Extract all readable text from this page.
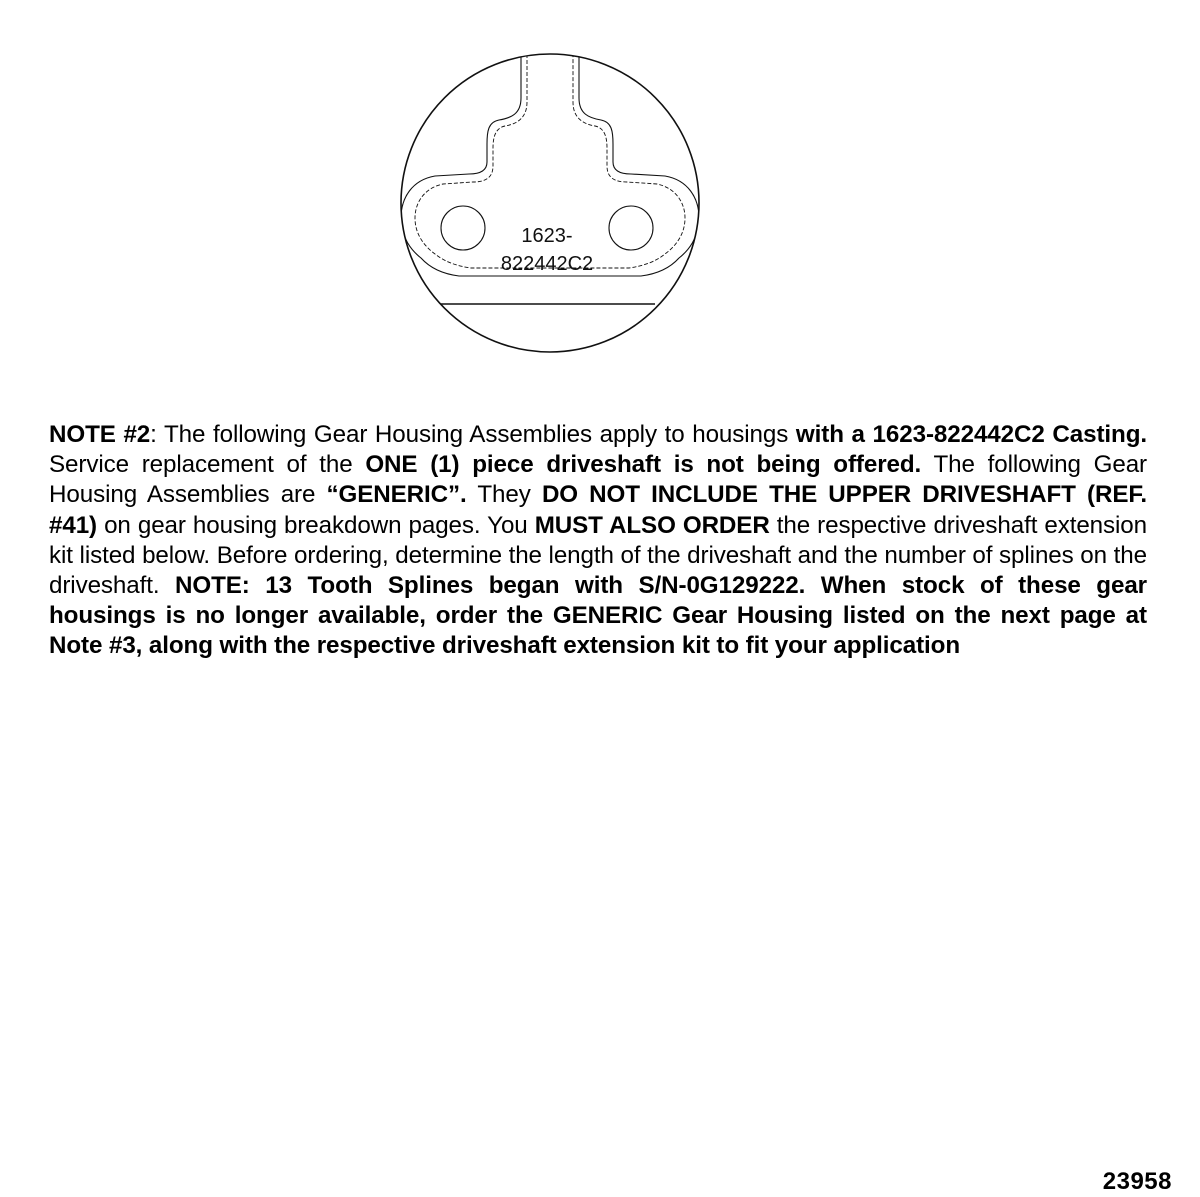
1623-
822442C2
NOTE #2: The following Gear Housing Assemblies apply to housings with a 1623-822442C2 Casting. Service replacement of the ONE (1) piece driveshaft is not being offered. The following Gear Housing Assemblies are “GENERIC”. They DO NOT INCLUDE THE UPPER DRIVESHAFT (REF. #41) on gear housing breakdown pages. You MUST ALSO ORDER the respective driveshaft extension kit listed below. Before ordering, determine the length of the driveshaft and the number of splines on the driveshaft. NOTE: 13 Tooth Splines began with S/N-0G129222. When stock of these gear housings is no longer available, order the GENERIC Gear Housing listed on the next page at Note #3, along with the respective driveshaft extension kit to fit your application
23958
